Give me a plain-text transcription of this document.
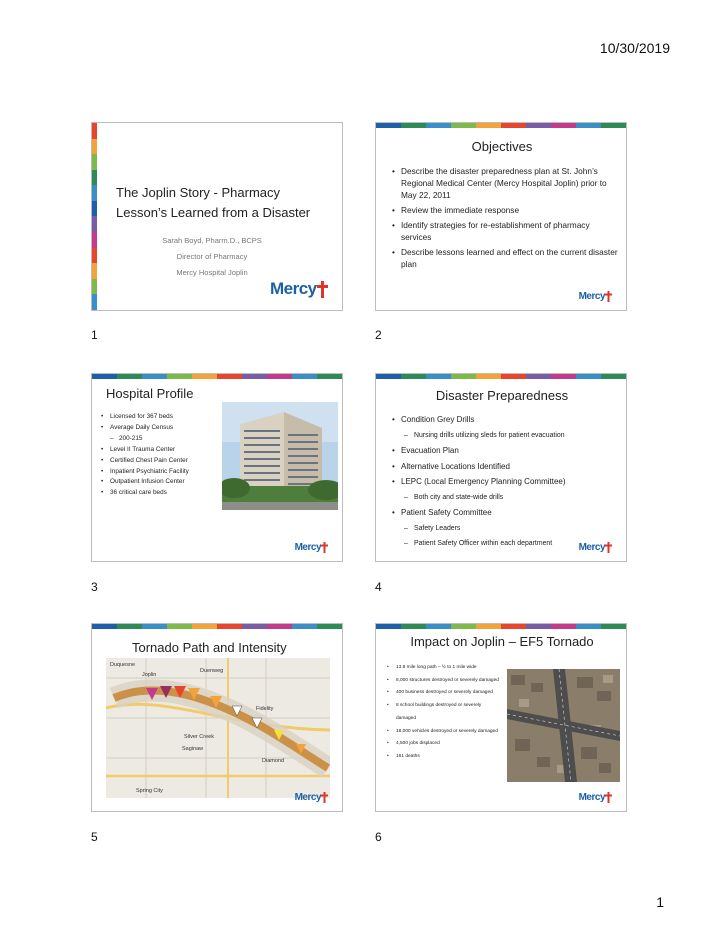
10/30/2019
The Joplin Story - Pharmacy
Lesson’s Learned from a Disaster
Sarah Boyd, Pharm.D., BCPS
Director of Pharmacy
Mercy Hospital Joplin
Mercy
1
Objectives
• Describe the disaster preparedness plan at St. John’s Regional Medical Center (Mercy Hospital Joplin) prior to May 22, 2011
• Review the immediate response
• Identify strategies for re-establishment of pharmacy services
• Describe lessons learned and effect on the current disaster plan
Mercy
2
Hospital Profile
• Licensed for 367 beds
• Average Daily Census
– 200-215
• Level II Trauma Center
• Certified Chest Pain Center
• Inpatient Psychiatric Facility
• Outpatient Infusion Center
• 36 critical care beds
Mercy
3
Disaster Preparedness
• Condition Grey Drills
– Nursing drills utilizing sleds for patient evacuation
• Evacuation Plan
• Alternative Locations Identified
• LEPC (Local Emergency Planning Committee)
– Both city and state-wide drills
• Patient Safety Committee
– Safety Leaders
– Patient Safety Officer within each department	Mercy
4
Tornado Path and Intensity
Duquesne
Joplin
Fidelity
Silver Creek
Saginaw
Diamond
Spring City
Duenweg
Mercy
5
Impact on Joplin – EF5 Tornado
• 13.8 mile long path – ½ to 1 mile wide
• 8,000 structures destroyed or severely damaged
• 400 business destroyed or severely damaged
• 8 school buildings destroyed or severely damaged
• 18,000 vehicles destroyed or severely damaged
• 4,500 jobs displaced
• 161 deaths
Mercy
6
1
